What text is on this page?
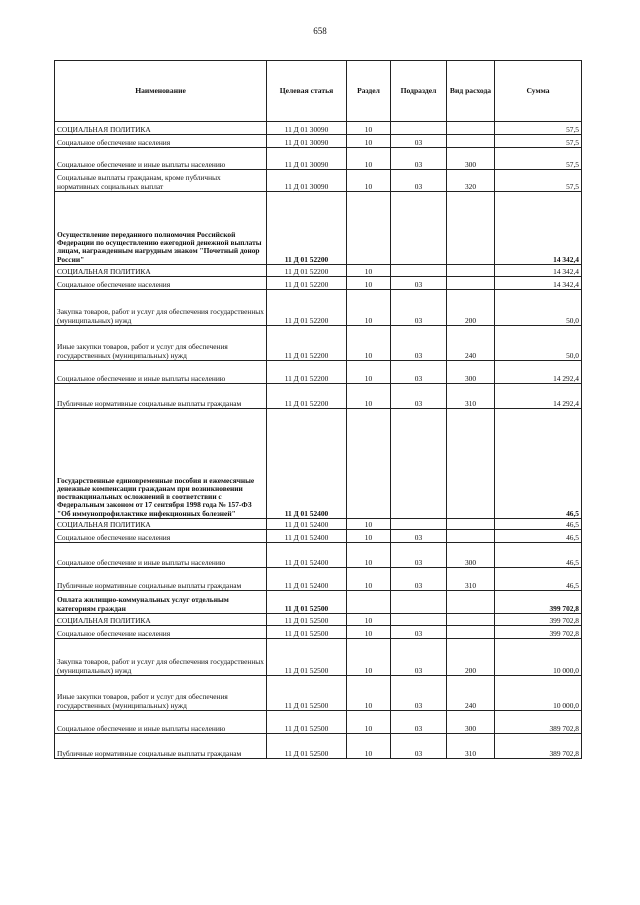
658
Наименование	Целевая статья	Раздел	Подраздел	Вид расхода	Сумма
СОЦИАЛЬНАЯ ПОЛИТИКА	11 Д 01 30090	10			57,5
Социальное обеспечение населения	11 Д 01 30090	10	03		57,5
Социальное обеспечение и иные выплаты населению	11 Д 01 30090	10	03	300	57,5
Социальные выплаты гражданам, кроме публичных нормативных социальных выплат	11 Д 01 30090	10	03	320	57,5
Осуществление переданного полномочия Российской Федерации по осуществлению ежегодной денежной выплаты лицам, награжденным нагрудным знаком "Почетный донор России"	11 Д 01 52200				14 342,4
СОЦИАЛЬНАЯ ПОЛИТИКА	11 Д 01 52200	10			14 342,4
Социальное обеспечение населения	11 Д 01 52200	10	03		14 342,4
Закупка товаров, работ и услуг для обеспечения государственных (муниципальных) нужд	11 Д 01 52200	10	03	200	50,0
Иные закупки товаров, работ и услуг для обеспечения государственных (муниципальных) нужд	11 Д 01 52200	10	03	240	50,0
Социальное обеспечение и иные выплаты населению	11 Д 01 52200	10	03	300	14 292,4
Публичные нормативные социальные выплаты гражданам	11 Д 01 52200	10	03	310	14 292,4
Государственные единовременные пособия и ежемесячные денежные компенсации гражданам при возникновении поствакцинальных осложнений в соответствии с Федеральным законом от 17 сентября 1998 года № 157-ФЗ "Об иммунопрофилактике инфекционных болезней"	11 Д 01 52400				46,5
СОЦИАЛЬНАЯ ПОЛИТИКА	11 Д 01 52400	10			46,5
Социальное обеспечение населения	11 Д 01 52400	10	03		46,5
Социальное обеспечение и иные выплаты населению	11 Д 01 52400	10	03	300	46,5
Публичные нормативные социальные выплаты гражданам	11 Д 01 52400	10	03	310	46,5
Оплата жилищно-коммунальных услуг отдельным категориям граждан	11 Д 01 52500				399 702,8
СОЦИАЛЬНАЯ ПОЛИТИКА	11 Д 01 52500	10			399 702,8
Социальное обеспечение населения	11 Д 01 52500	10	03		399 702,8
Закупка товаров, работ и услуг для обеспечения государственных (муниципальных) нужд	11 Д 01 52500	10	03	200	10 000,0
Иные закупки товаров, работ и услуг для обеспечения государственных (муниципальных) нужд	11 Д 01 52500	10	03	240	10 000,0
Социальное обеспечение и иные выплаты населению	11 Д 01 52500	10	03	300	389 702,8
Публичные нормативные социальные выплаты гражданам	11 Д 01 52500	10	03	310	389 702,8
